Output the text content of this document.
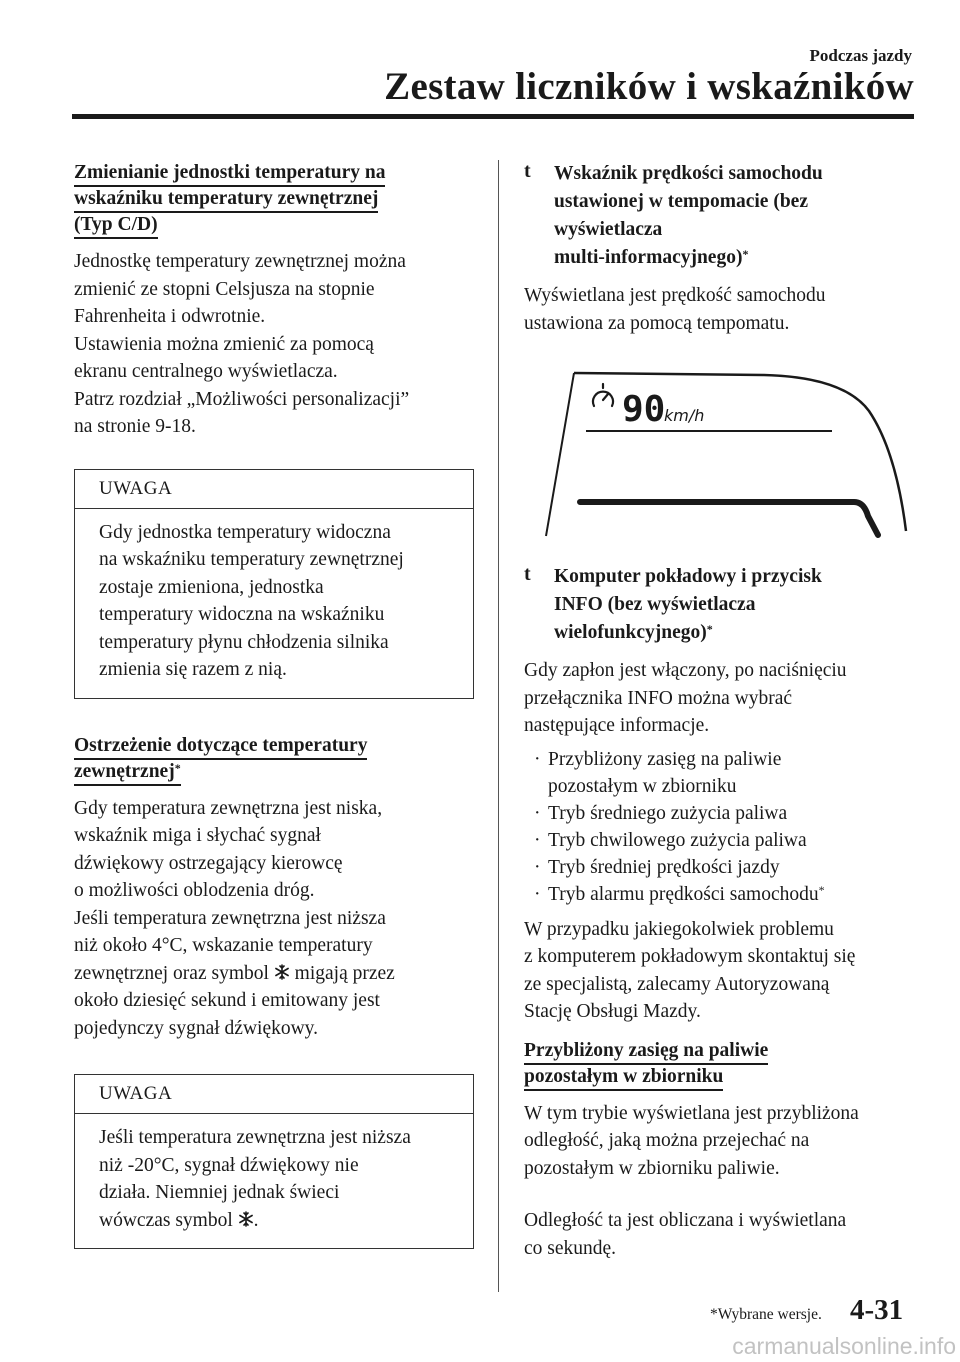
Podczas jazdy
Zestaw liczników i wskaźników
Zmienianie jednostki temperatury na
wskaźniku temperatury zewnętrznej
(Typ C/D)
Jednostkę temperatury zewnętrznej można
zmienić ze stopni Celsjusza na stopnie
Fahrenheita i odwrotnie.
Ustawienia można zmienić za pomocą
ekranu centralnego wyświetlacza.
Patrz rozdział „Możliwości personalizacji”
na stronie 9-18.
UWAGA
Gdy jednostka temperatury widoczna
na wskaźniku temperatury zewnętrznej
zostaje zmieniona, jednostka
temperatury widoczna na wskaźniku
temperatury płynu chłodzenia silnika
zmienia się razem z nią.
Ostrzeżenie dotyczące temperatury
zewnętrznej*
Gdy temperatura zewnętrzna jest niska,
wskaźnik miga i słychać sygnał
dźwiękowy ostrzegający kierowcę
o możliwości oblodzenia dróg.
Jeśli temperatura zewnętrzna jest niższa
niż około 4°C, wskazanie temperatury
zewnętrznej oraz symbol  migają przez
około dziesięć sekund i emitowany jest
pojedynczy sygnał dźwiękowy.
UWAGA
Jeśli temperatura zewnętrzna jest niższa
niż -20°C, sygnał dźwiękowy nie
działa. Niemniej jednak świeci
wówczas symbol .
t	Wskaźnik prędkości samochodu
ustawionej w tempomacie (bez
wyświetlacza
multi-informacyjnego)*
Wyświetlana jest prędkość samochodu
ustawiona za pomocą tempomatu.
90
km/h
t	Komputer pokładowy i przycisk
INFO (bez wyświetlacza
wielofunkcyjnego)*
Gdy zapłon jest włączony, po naciśnięciu
przełącznika INFO można wybrać
następujące informacje.
· Przybliżony zasięg na paliwie
pozostałym w zbiorniku
· Tryb średniego zużycia paliwa
· Tryb chwilowego zużycia paliwa
· Tryb średniej prędkości jazdy
· Tryb alarmu prędkości samochodu*
W przypadku jakiegokolwiek problemu
z komputerem pokładowym skontaktuj się
ze specjalistą, zalecamy Autoryzowaną
Stację Obsługi Mazdy.
Przybliżony zasięg na paliwie
pozostałym w zbiorniku
W tym trybie wyświetlana jest przybliżona
odległość, jaką można przejechać na
pozostałym w zbiorniku paliwie.
Odległość ta jest obliczana i wyświetlana
co sekundę.
*Wybrane wersje. 4-31
carmanualsonline.info
